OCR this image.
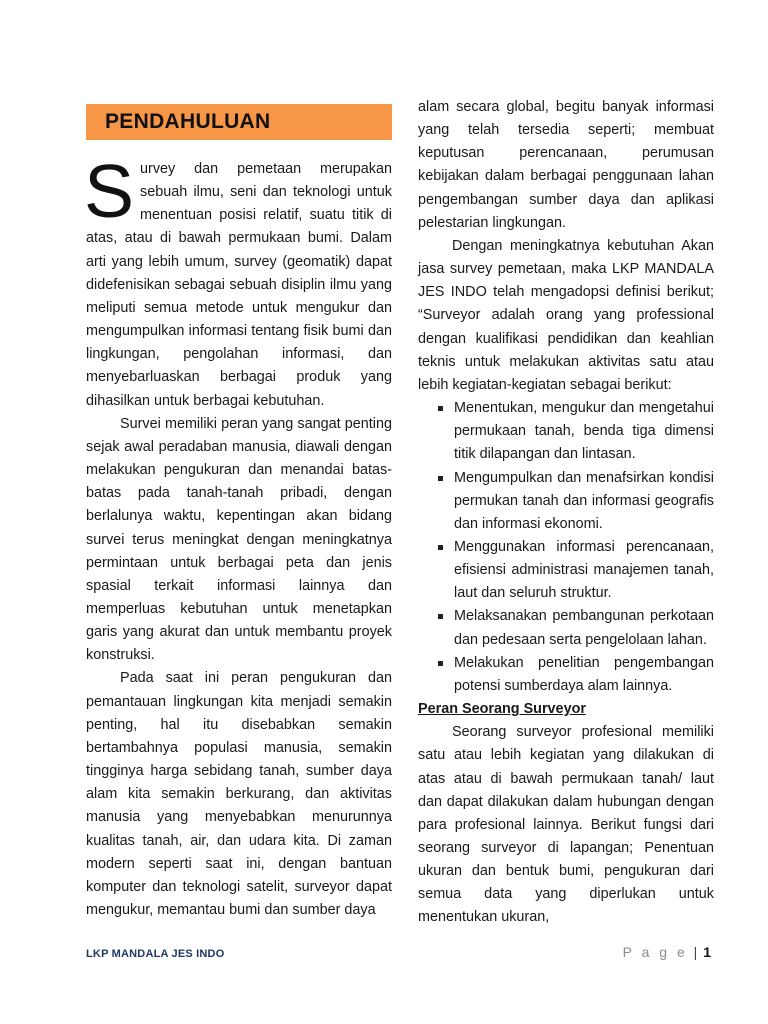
PENDAHULUAN
S urvey dan pemetaan merupakan sebuah ilmu, seni dan teknologi untuk menentuan posisi relatif, suatu titik di atas, atau di bawah permukaan bumi. Dalam arti yang lebih umum, survey (geomatik) dapat didefenisikan sebagai sebuah disiplin ilmu yang meliputi semua metode untuk mengukur dan mengumpulkan informasi tentang fisik bumi dan lingkungan, pengolahan informasi, dan menyebarluaskan berbagai produk yang dihasilkan untuk berbagai kebutuhan.

Survei memiliki peran yang sangat penting sejak awal peradaban manusia, diawali dengan melakukan pengukuran dan menandai batas-batas pada tanah-tanah pribadi, dengan berlalunya waktu, kepentingan akan bidang survei terus meningkat dengan meningkatnya permintaan untuk berbagai peta dan jenis spasial terkait informasi lainnya dan memperluas kebutuhan untuk menetapkan garis yang akurat dan untuk membantu proyek konstruksi.

Pada saat ini peran pengukuran dan pemantauan lingkungan kita menjadi semakin penting, hal itu disebabkan semakin bertambahnya populasi manusia, semakin tingginya harga sebidang tanah, sumber daya alam kita semakin berkurang, dan aktivitas manusia yang menyebabkan menurunnya kualitas tanah, air, dan udara kita. Di zaman modern seperti saat ini, dengan bantuan komputer dan teknologi satelit, surveyor dapat mengukur, memantau bumi dan sumber daya

alam secara global, begitu banyak informasi yang telah tersedia seperti; membuat keputusan perencanaan, perumusan kebijakan dalam berbagai penggunaan lahan pengembangan sumber daya dan aplikasi pelestarian lingkungan.

Dengan meningkatnya kebutuhan Akan jasa survey pemetaan, maka LKP MANDALA JES INDO telah mengadopsi definisi berikut; “Surveyor adalah orang yang professional dengan kualifikasi pendidikan dan keahlian teknis untuk melakukan aktivitas satu atau lebih kegiatan-kegiatan sebagai berikut:

Menentukan, mengukur dan mengetahui permukaan tanah, benda tiga dimensi titik dilapangan dan lintasan.
Mengumpulkan dan menafsirkan kondisi permukan tanah dan informasi geografis dan informasi ekonomi.
Menggunakan informasi perencanaan, efisiensi administrasi manajemen tanah, laut dan seluruh struktur.
Melaksanakan pembangunan perkotaan dan pedesaan serta pengelolaan lahan.
Melakukan penelitian pengembangan potensi sumberdaya alam lainnya.

Peran Seorang Surveyor

Seorang surveyor profesional memiliki satu atau lebih kegiatan yang dilakukan di atas atau di bawah permukaan tanah/ laut dan dapat dilakukan dalam hubungan dengan para profesional lainnya. Berikut fungsi dari seorang surveyor di lapangan; Penentuan ukuran dan bentuk bumi, pengukuran dari semua data yang diperlukan untuk menentukan ukuran,

LKP MANDALA JES INDO	P a g e | 1
